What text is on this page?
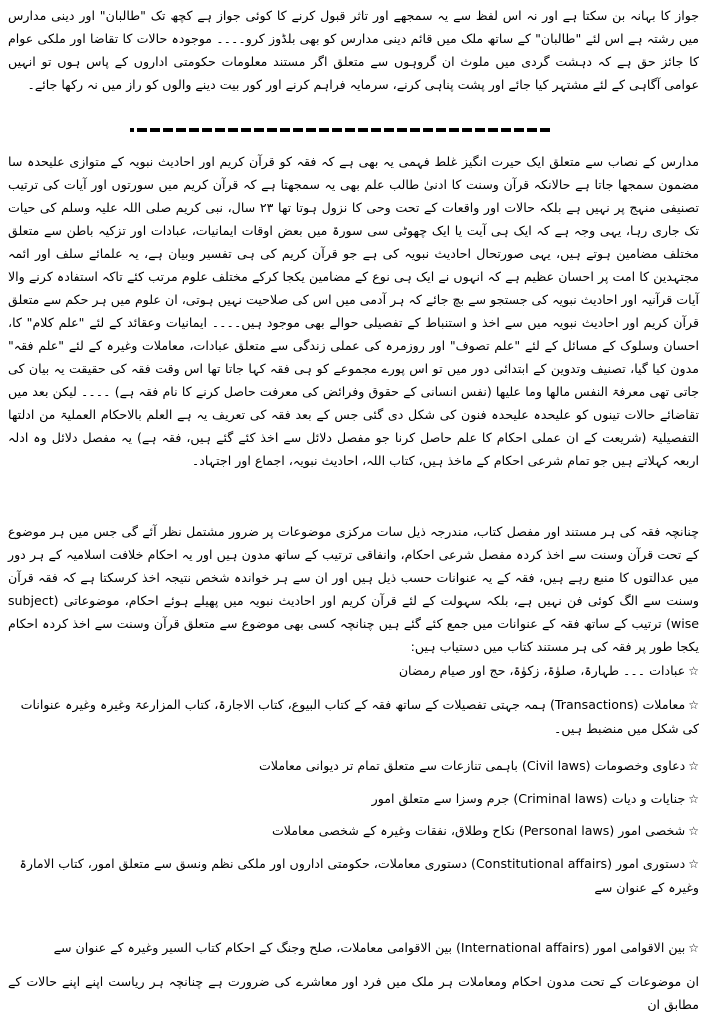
جواز کا بہانہ بن سکتا ہے اور نہ اس لفظ سے یہ سمجھے اور تاثر قبول کرنے کا کوئی جواز ہے کچھ تک "طالبان" اور دینی مدارس میں رشتہ ہے اس لئے "طالبان" کے ساتھ ملک میں قائم دینی مدارس کو بھی بلڈوز کرو۔۔۔۔ موجودہ حالات کا تقاضا اور ملکی عوام کا جائز حق ہے کہ دہشت گردی میں ملوث ان گروہوں سے متعلق اگر مستند معلومات حکومتی اداروں کے پاس ہوں تو انہیں عوامی آگاہی کے لئے مشتہر کیا جائے اور پشت پناہی کرنے، سرمایہ فراہم کرنے اور کور بیت دینے والوں کو راز میں نہ رکھا جائے۔

مدارس کے نصاب سے متعلق ایک حیرت انگیز غلط فہمی یہ بھی ہے کہ فقہ کو قرآن کریم اور احادیث نبویہ کے متوازی علیحدہ سا مضمون سمجھا جاتا ہے حالانکہ قرآن وسنت کا ادنیٰ طالب علم بھی یہ سمجھتا ہے کہ قرآن کریم میں سورتوں اور آیات کی ترتیب تصنیفی منہج پر نہیں ہے بلکہ حالات اور واقعات کے تحت وحی کا نزول ہوتا تھا ۲۳ سال، نبی کریم صلی اللہ علیہ وسلم کی حیات تک جاری رہا، یہی وجہ ہے کہ ایک ہی آیت یا ایک چھوٹی سی سورۃ میں بعض اوقات ایمانیات، عبادات اور تزکیہ باطن سے متعلق مختلف مضامین ہوتے ہیں، یہی صورتحال احادیث نبویہ کی ہے جو قرآن کریم کی ہی تفسیر وبیان ہے، یہ علمائے سلف اور ائمہ مجتہدین کا امت پر احسان عظیم ہے کہ انہوں نے ایک ہی نوع کے مضامین یکجا کرکے مختلف علوم مرتب کئے تاکہ استفادہ کرنے والا آیات قرآنیہ اور احادیث نبویہ کی جستجو سے بچ جائے کہ ہر آدمی میں اس کی صلاحیت نہیں ہوتی، ان علوم میں ہر حکم سے متعلق قرآن کریم اور احادیث نبویہ میں سے اخذ و استنباط کے تفصیلی حوالے بھی موجود ہیں۔۔۔۔ ایمانیات وعقائد کے لئے "علم کلام" کا، احسان وسلوک کے مسائل کے لئے "علم تصوف" اور روزمرہ کی عملی زندگی سے متعلق عبادات، معاملات وغیرہ کے لئے "علم فقہ" مدون کیا گیا، تصنیف وتدوین کے ابتدائی دور میں تو اس پورے مجموعے کو ہی فقہ کہا جاتا تھا اس وقت فقہ کی حقیقت یہ بیان کی جاتی تھی معرفۃ النفس مالھا وما علیھا (نفس انسانی کے حقوق وفرائض کی معرفت حاصل کرنے کا نام فقہ ہے) ۔۔۔۔ لیکن بعد میں تقاضائے حالات تینوں کو علیحدہ علیحدہ فنون کی شکل دی گئی جس کے بعد فقہ کی تعریف یہ ہے العلم بالاحکام العملیۃ من ادلتھا التفصیلیۃ (شریعت کے ان عملی احکام کا علم حاصل کرنا جو مفصل دلائل سے اخذ کئے گئے ہیں، فقہ ہے) یہ مفصل دلائل وہ ادلہ اربعہ کہلاتے ہیں جو تمام شرعی احکام کے ماخذ ہیں، کتاب اللہ، احادیث نبویہ، اجماع اور اجتہاد۔

چنانچہ فقہ کی ہر مستند اور مفصل کتاب، مندرجہ ذیل سات مرکزی موضوعات پر ضرور مشتمل نظر آئے گی جس میں ہر موضوع کے تحت قرآن وسنت سے اخذ کردہ مفصل شرعی احکام، وانفاقی ترتیب کے ساتھ مدون ہیں اور یہ احکام خلافت اسلامیہ کے ہر دور میں عدالتوں کا منبع رہے ہیں، فقہ کے یہ عنوانات حسب ذیل ہیں اور ان سے ہر خواندہ شخص نتیجہ اخذ کرسکتا ہے کہ فقہ قرآن وسنت سے الگ کوئی فن نہیں ہے، بلکہ سہولت کے لئے قرآن کریم اور احادیث نبویہ میں پھیلے ہوئے احکام، موضوعاتی (subject wise) ترتیب کے ساتھ فقہ کے عنوانات میں جمع کئے گئے ہیں چنانچہ کسی بھی موضوع سے متعلق قرآن وسنت سے اخذ کردہ احکام یکجا طور پر فقہ کی ہر مستند کتاب میں دستیاب ہیں:

☆عبادات ۔۔۔ طہارۃ، صلوٰۃ، زکوٰۃ، حج اور صیام رمضان

☆معاملات (Transactions) ہمہ جہتی تفصیلات کے ساتھ فقہ کے کتاب البیوع، کتاب الاجارۃ، کتاب المزارعۃ وغیرہ وغیرہ عنوانات کی شکل میں منضبط ہیں۔

☆دعاوی وخصومات (Civil laws) باہمی تنازعات سے متعلق تمام تر دیوانی معاملات

☆جنایات و دیات (Criminal laws) جرم وسزا سے متعلق امور

☆شخصی امور (Personal laws) نکاح وطلاق، نفقات وغیرہ کے شخصی معاملات

☆دستوری امور (Constitutional affairs) دستوری معاملات، حکومتی اداروں اور ملکی نظم ونسق سے متعلق امور، کتاب الامارۃ وغیرہ کے عنوان سے

☆بین الاقوامی امور (International affairs) بین الاقوامی معاملات، صلح وجنگ کے احکام کتاب السیر وغیرہ کے عنوان سے

ان موضوعات کے تحت مدون احکام ومعاملات ہر ملک میں فرد اور معاشرے کی ضرورت ہے چنانچہ ہر ریاست اپنے اپنے حالات کے مطابق ان
